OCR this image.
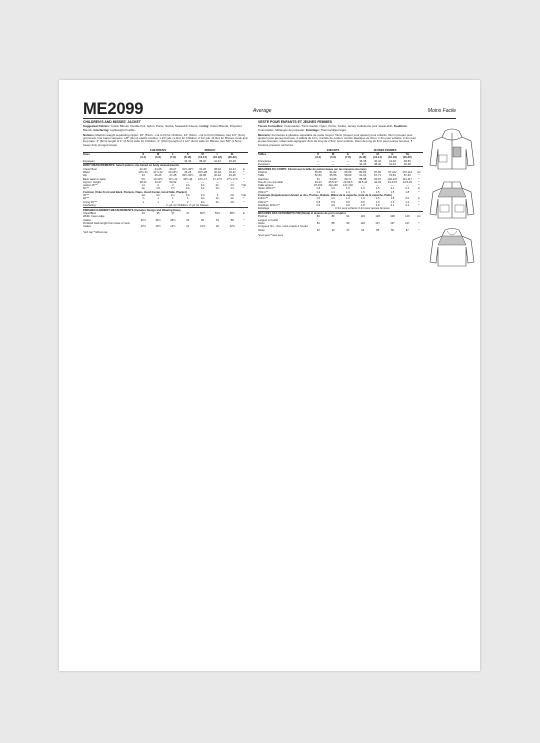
ME2099	Average	Moins Facile
CHILDREN'S AND MISSES' JACKET

Suggested Fabrics: Cotton Blends, Double Knit, Nylon, Ponte, Scuba, Sweatshirt Fleece. Lining: Cotton Blends, Polyester Blends. Interfacing: Lightweight Fusible.

Notions: Medium-weight separating zipper: 20" (51cm - cut to fit) for Children, 24" (61cm - cut to fit) for Misses, four 1/2" (1cm) grommets, four barrel stoppers, 1/8" (3mm) elastic cording: 1 1/2 yds. (1.4m) for Children, 2 1/2 yds. (2.3m) for Misses, hook and loop tape: 3" (8cm) length of 1" (2.5cm) wide for Children, 4" (10cm) length of 1 1/2" (4cm) wide for Misses, five 5/8" (1.5cm) heavy duty pronged snaps.

	CHILDREN'S			MISSES'				
Sizes	S	M	L	S	M	L	XL	
	(3-4)	(5-6)	(7-8)	(8-10)	(12-14)	(16-18)	(20-22)	
European	—	—	—	34-36	38-40	42-44	46-48	
BODY MEASUREMENTS: Select pattern size based on body measurements								
Chest/ Bust	22-23	24-25	26-27	31½-32½	34-36	38-40	42-44	in
Waist	20½-21	21½-22	23-23½	24-25	26½-28	30-32	34-37	*
Hip	24	25-26	27-28	33½-34½	36-38	40-42	44-46	*
Back waist to waist	9½	10-10½	11½-12	15½-16	16½-17	17-17½	17½-17¾	*
Approx. Height	38-41	44-47	50-52	—	—	—	—	*
Jacket 45"**	1⅞	2	2	1⅜	1⅝	2¼	2⅝	Yds.
60"**	1¼	1⅜	1½	1⅝	1⅝	1⅝	1⅞	*
Contrast (Yoke Front and Back, Pockets, Flaps, Hood Center, Hood Side, Placket)								
45"**	1⅛	1¼	1¼	1⅜	1⅝	2	2⅛	Yds.
60"**	⅞	1	1	1	1⅛	1¼	1¼	*
Lining 45"**	1	1	1	2	2⅛	2¼	2⅜	*
Interfacing	¼ yd. for Children; ⅜ yd. for Misses.							
FINISHED GARMENT MEASUREMENTS (Includes Design and Wearing Ease)								
Chest/Bust	33	35	37	47	50½	54½	58½	in
Width, lower edge								
Jacket	32½	34½	36½	46	50	54	58	*
Finished back length from base of neck								
Jacket	12½	13½	14½	21	21½	22	22½	*
*with nap **without nap
VESTE POUR ENFANTS ET JEUNES FEMMES

Tissus Conseillés: Cotonnades, Tricot double, Nylon, Ponte, Scuba, Jersey molletonné pour sweat-shirt. Doublure: Cotonnades, Mélanges de polyester. Entoilage: Thermocollant léger.

Mercerie: Fermeture à glissière séparable de poids moyen: 51cm (couper pour ajuster) pour enfants, 61cm (couper pour ajuster) pour jeunes femmes, 4 œillets de 1cm, 4 arrêts de cordon, cordon élastique de 3mm: 1.4m pour enfants, 2.3m pour jeunes femmes, ruban auto-agrippant: 8cm de long de 2,5cm pour enfants, 10cm de long de 4cm pour jeunes femmes, 5 boutons-pression renforcés.

	ENFANTS			JEUNES FEMMES				
Tailles	P	M	G	P	M	G	TG	
	(3-4)	(5-6)	(7-8)	(8-10)	(12-14)	(16-18)	(20-22)	
Françaises	—	—	—	36-38	40-42	44-46	48-50	
Européen	—	—	—	34-36	38-40	42-44	46-48	
MESURES DU CORPS: Choisissez la taille du patron basée sur les mesures du corps								
Poitrine	56-58	61-62	66-69	80-83	87-92	97-102	107-112	cm
Taille	52-53	55-56	58-60	61-64	67-71	76-81	87-94	*
Hanches	61	64-66	69-71	85-88	92-97	102-107	112-117	*
Dos de cou à la taille	23-24	25.5-27	29-30.5	39.5-41	42-43	43-44.5	44.5-45	*
Taille approx.	97-104	112-119	127-132	—	—	—	—	*
Veste 115cm**	1.8	1.9	1.9	1.3	1.5	2.1	2.4	m
150cm**	1.2	1.3	1.4	1.5	1.5	1.5	1.8	*
Contraste (Empiècement devant et dos, Poches, Rabats, Milieu de la capuche, Côté de la capuche, Patte)								
115cm**	1.0	1.2	1.2	1.3	1.5	1.8	2.0	m
150cm**	0.8	0.9	0.9	0.9	1.0	1.2	1.2	*
Doublure 115cm**	0.9	0.9	0.9	1.8	1.9	2.1	2.2	*
Entoilage	0.3m pour enfants; 0.4m pour jeunes femmes.							
MESURES DES VÊTEMENTS FINI (Modèl et aisance de port compris)								
Poitrine	84	89	94	119	128	138	149	cm
Largeur à l'ourlet								
Veste	83	88	93	118	127	137	147	*
Longueur fini – dos, votre exquis à l'ourlet								
Veste	32	34	37	53	55	56	57	*
*avec sens **sans sens
